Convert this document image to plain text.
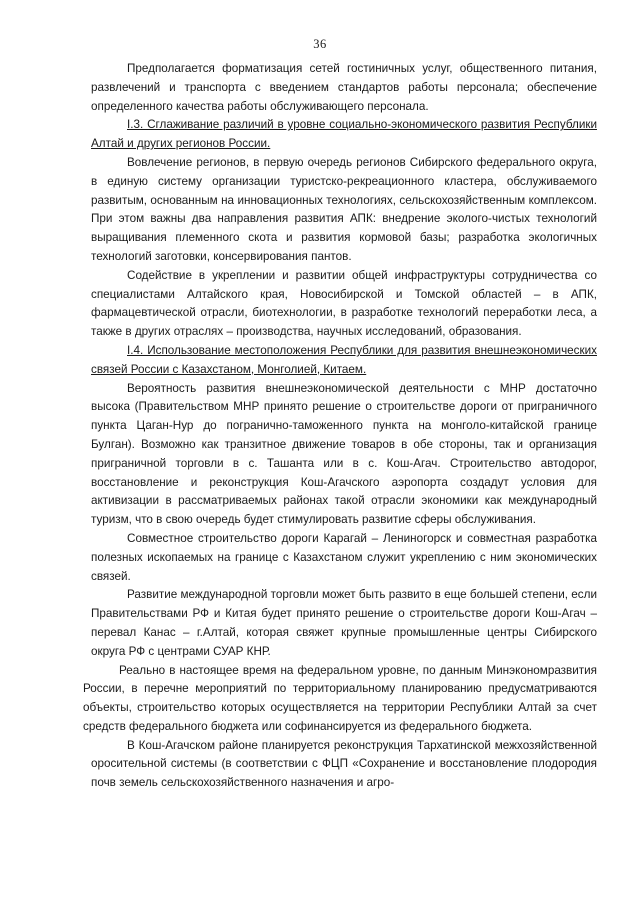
36

Предполагается форматизация сетей гостиничных услуг, общественного питания, развлечений и транспорта с введением стандартов работы персонала; обеспечение определенного качества работы обслуживающего персонала.

I.3. Сглаживание различий в уровне социально-экономического развития Республики Алтай и других регионов России.

Вовлечение регионов, в первую очередь регионов Сибирского федерального округа, в единую систему организации туристско-рекреационного кластера, обслуживаемого развитым, основанным на инновационных технологиях, сельскохозяйственным комплексом. При этом важны два направления развития АПК: внедрение эколого-чистых технологий выращивания племенного скота и развития кормовой базы; разработка экологичных технологий заготовки, консервирования пантов.

Содействие в укреплении и развитии общей инфраструктуры сотрудничества со специалистами Алтайского края, Новосибирской и Томской областей – в АПК, фармацевтической отрасли, биотехнологии, в разработке технологий переработки леса, а также в других отраслях – производства, научных исследований, образования.

I.4. Использование местоположения Республики для развития внешнеэкономических связей России с Казахстаном, Монголией, Китаем.

Вероятность развития внешнеэкономической деятельности с МНР достаточно высока (Правительством МНР принято решение о строительстве дороги от приграничного пункта Цаган-Нур до пограничнo-таможенного пункта на монголо-китайской границе Булган). Возможно как транзитное движение товаров в обе стороны, так и организация приграничной торговли в с. Ташанта или в с. Кош-Агач. Строительство автодорог, восстановление и реконструкция Кош-Агачского аэропорта создадут условия для активизации в рассматриваемых районах такой отрасли экономики как международный туризм, что в свою очередь будет стимулировать развитие сферы обслуживания.

Совместное строительство дороги Карагай – Лениногорск и совместная разработка полезных ископаемых на границе с Казахстаном служит укреплению с ним экономических связей.

Развитие международной торговли может быть развито в еще большей степени, если Правительствами РФ и Китая будет принято решение о строительстве дороги Кош-Агач – перевал Канас – г.Алтай, которая свяжет крупные промышленные центры Сибирского округа РФ с центрами СУАР КНР.

Реально в настоящее время на федеральном уровне, по данным Минэкономразвития России, в перечне мероприятий по территориальному планированию предусматриваются объекты, строительство которых осуществляется на территории Республики Алтай за счет средств федерального бюджета или софинансируется из федерального бюджета.

В Кош-Агачском районе планируется реконструкция Тархатинской межхозяйственной оросительной системы (в соответствии с ФЦП «Сохранение и восстановление плодородия почв земель сельскохозяйственного назначения и агро-
